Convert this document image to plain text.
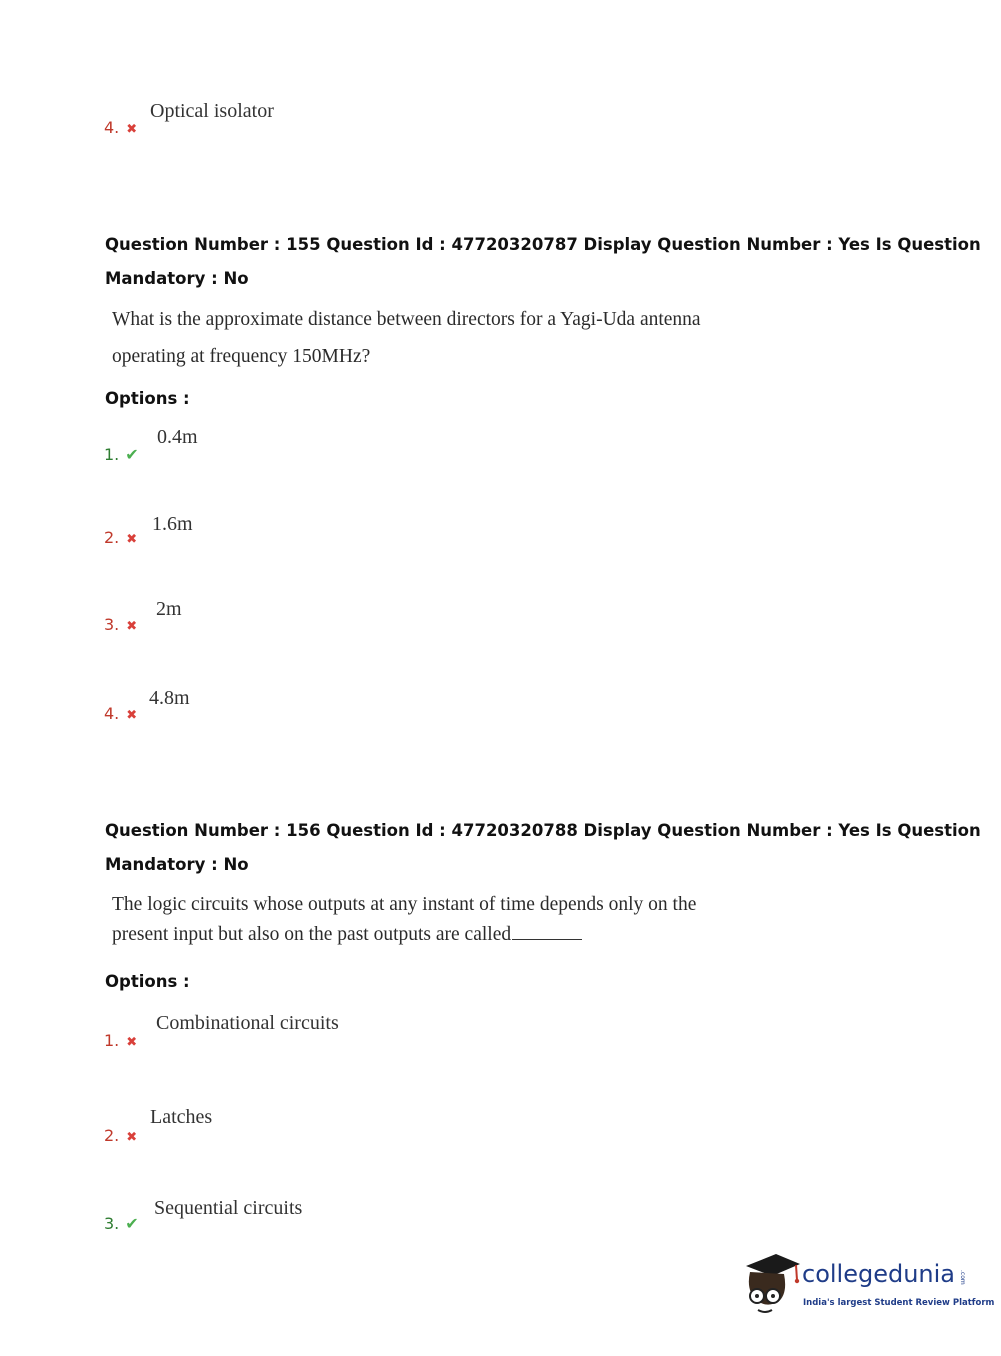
Optical isolator
4. ✖
Question Number : 155 Question Id : 47720320787 Display Question Number : Yes Is Question
Mandatory : No
What is the approximate distance between directors for a Yagi-Uda antenna
operating at frequency 150MHz?
Options :
0.4m
1. ✔
1.6m
2. ✖
2m
3. ✖
4.8m
4. ✖
Question Number : 156 Question Id : 47720320788 Display Question Number : Yes Is Question
Mandatory : No
The logic circuits whose outputs at any instant of time depends only on the
present input but also on the past outputs are called
Options :
Combinational circuits
1. ✖
Latches
2. ✖
Sequential circuits
3. ✔
collegedunia .com
India's largest Student Review Platform
